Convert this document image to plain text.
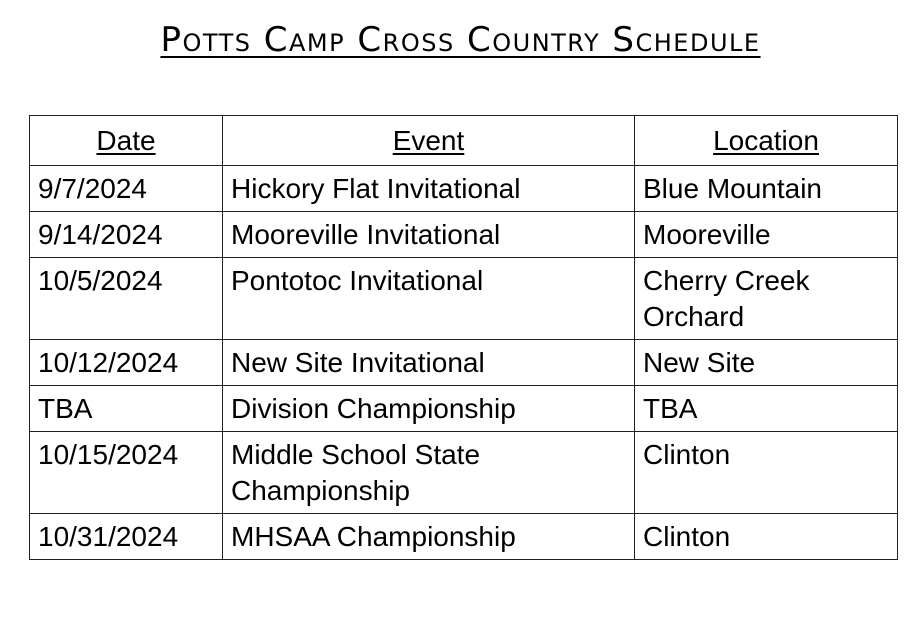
Potts Camp Cross Country Schedule
Date	Event	Location
9/7/2024	Hickory Flat Invitational	Blue Mountain
9/14/2024	Mooreville Invitational	Mooreville
10/5/2024	Pontotoc Invitational	Cherry Creek Orchard
10/12/2024	New Site Invitational	New Site
TBA	Division Championship	TBA
10/15/2024	Middle School State Championship	Clinton
10/31/2024	MHSAA Championship	Clinton
